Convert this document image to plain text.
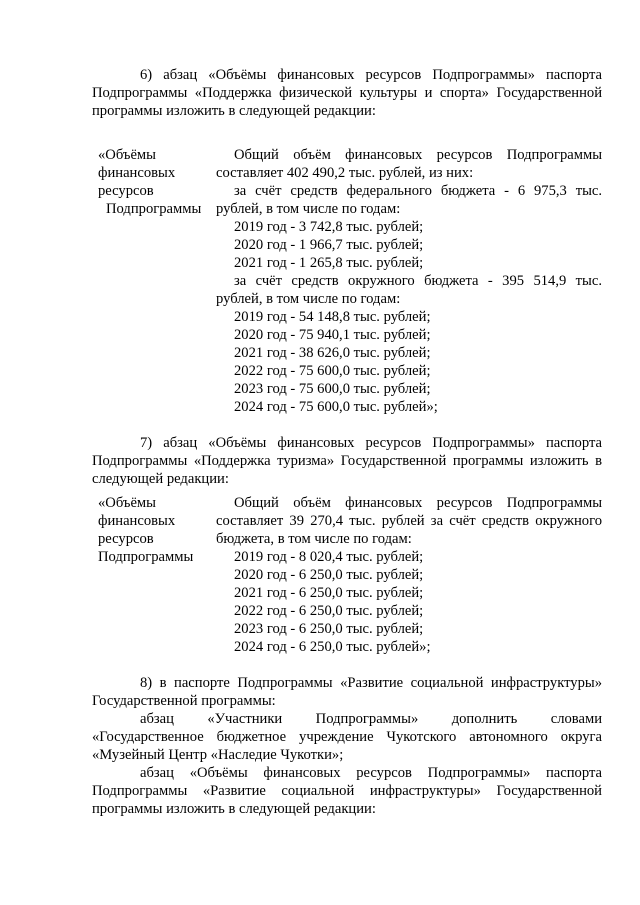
6) абзац «Объёмы финансовых ресурсов Подпрограммы» паспорта Подпрограммы «Поддержка физической культуры и спорта» Государственной программы изложить в следующей редакции:

«Объёмы
финансовых
ресурсов
Подпрограммы

Общий объём финансовых ресурсов Подпрограммы составляет 402 490,2 тыс. рублей, из них:

за счёт средств федерального бюджета - 6 975,3 тыс. рублей, в том числе по годам:

2019 год - 3 742,8 тыс. рублей;

2020 год - 1 966,7 тыс. рублей;

2021 год - 1 265,8 тыс. рублей;

за счёт средств окружного бюджета - 395 514,9 тыс. рублей, в том числе по годам:

2019 год - 54 148,8 тыс. рублей;

2020 год - 75 940,1 тыс. рублей;

2021 год - 38 626,0 тыс. рублей;

2022 год - 75 600,0 тыс. рублей;

2023 год - 75 600,0 тыс. рублей;

2024 год - 75 600,0 тыс. рублей»;

7) абзац «Объёмы финансовых ресурсов Подпрограммы» паспорта Подпрограммы «Поддержка туризма» Государственной программы изложить в следующей редакции:

«Объёмы
финансовых
ресурсов
Подпрограммы

Общий объём финансовых ресурсов Подпрограммы составляет 39 270,4 тыс. рублей за счёт средств окружного бюджета, в том числе по годам:

2019 год - 8 020,4 тыс. рублей;

2020 год - 6 250,0 тыс. рублей;

2021 год - 6 250,0 тыс. рублей;

2022 год - 6 250,0 тыс. рублей;

2023 год - 6 250,0 тыс. рублей;

2024 год - 6 250,0 тыс. рублей»;

8) в паспорте Подпрограммы «Развитие социальной инфраструктуры» Государственной программы:

абзац «Участники Подпрограммы» дополнить словами

«Государственное бюджетное учреждение Чукотского автономного округа

«Музейный Центр «Наследие Чукотки»;

абзац «Объёмы финансовых ресурсов Подпрограммы» паспорта Подпрограммы «Развитие социальной инфраструктуры» Государственной программы изложить в следующей редакции:
